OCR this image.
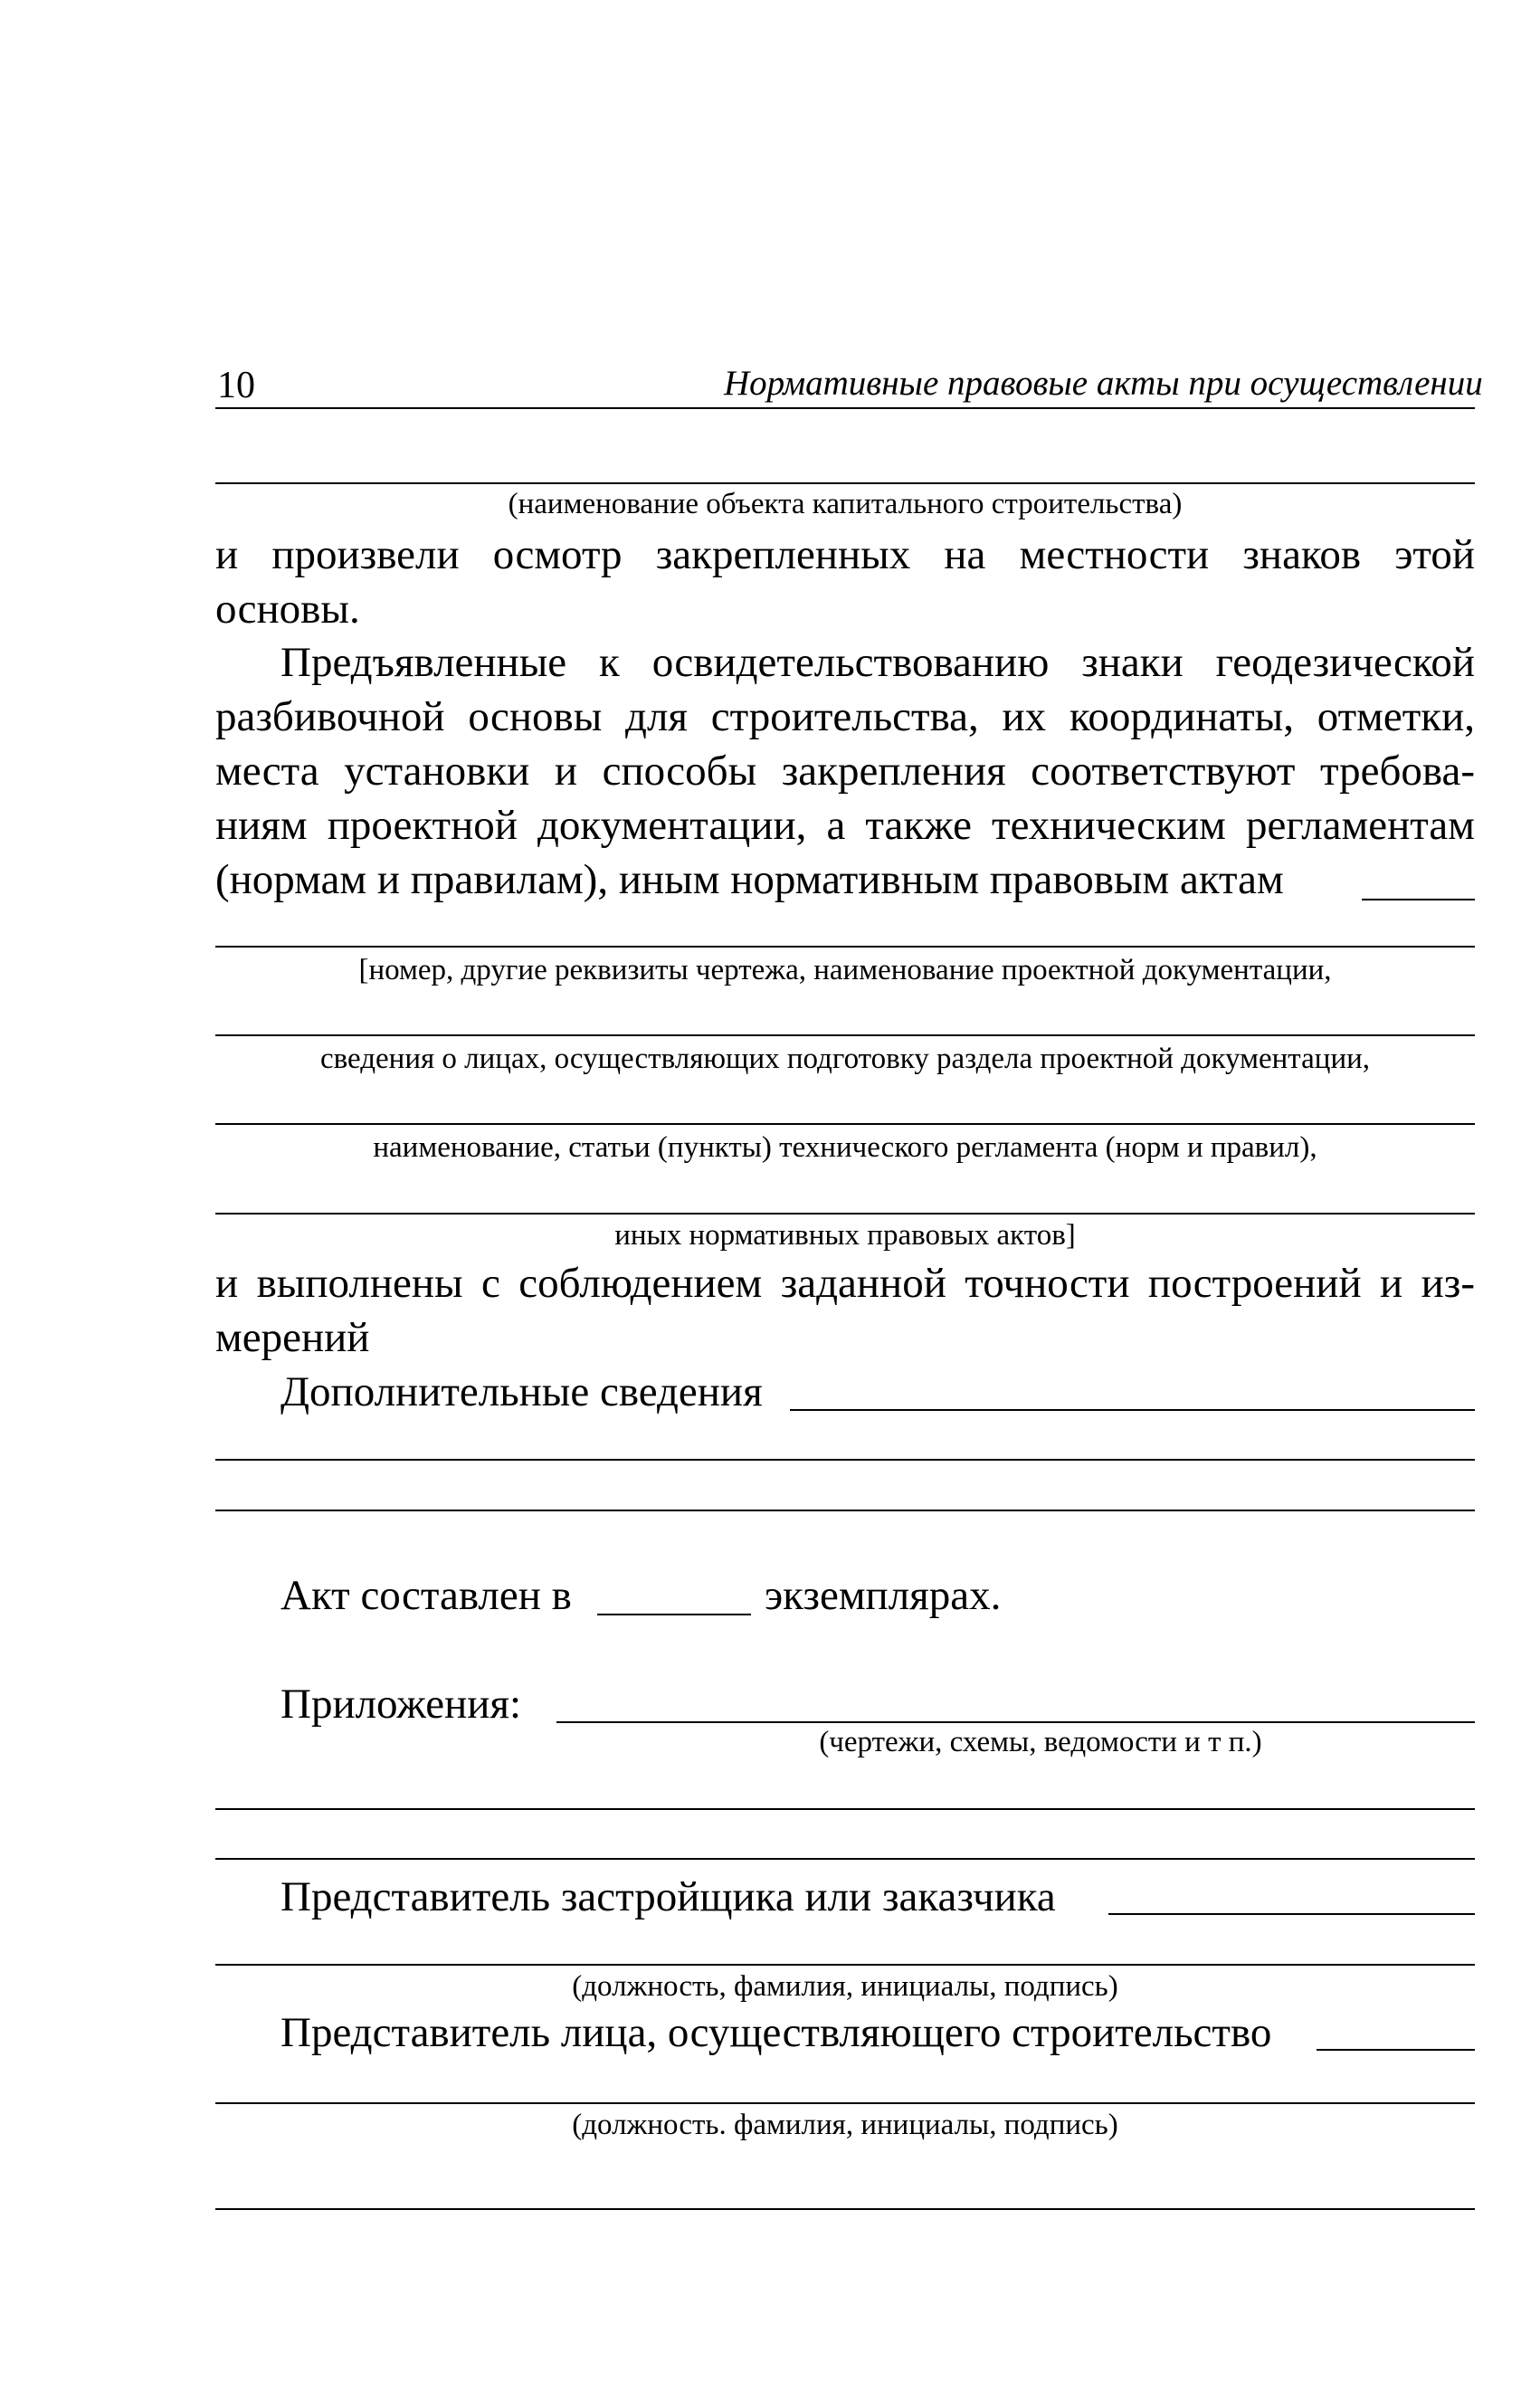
10	Нормативные правовые акты при осуществлении
(наименование объекта капитального строительства)
и произвели осмотр закрепленных на местности знаков этой
основы.
Предъявленные к освидетельствованию знаки геодезической
разбивочной основы для строительства, их координаты, отметки,
места установки и способы закрепления соответствуют требова-
ниям проектной документации, а также техническим регламентам
(нормам и правилам), иным нормативным правовым актам
[номер, другие реквизиты чертежа, наименование проектной документации,
сведения о лицах, осуществляющих подготовку раздела проектной документации,
наименование, статьи (пункты) технического регламента (норм и правил),
иных нормативных правовых актов]
и выполнены с соблюдением заданной точности построений и из-
мерений
Дополнительные сведения
Акт составлен в	экземплярах.
Приложения:
(чертежи, схемы, ведомости и т п.)
Представитель застройщика или заказчика
(должность, фамилия, инициалы, подпись)
Представитель лица, осуществляющего строительство
(должность. фамилия, инициалы, подпись)
